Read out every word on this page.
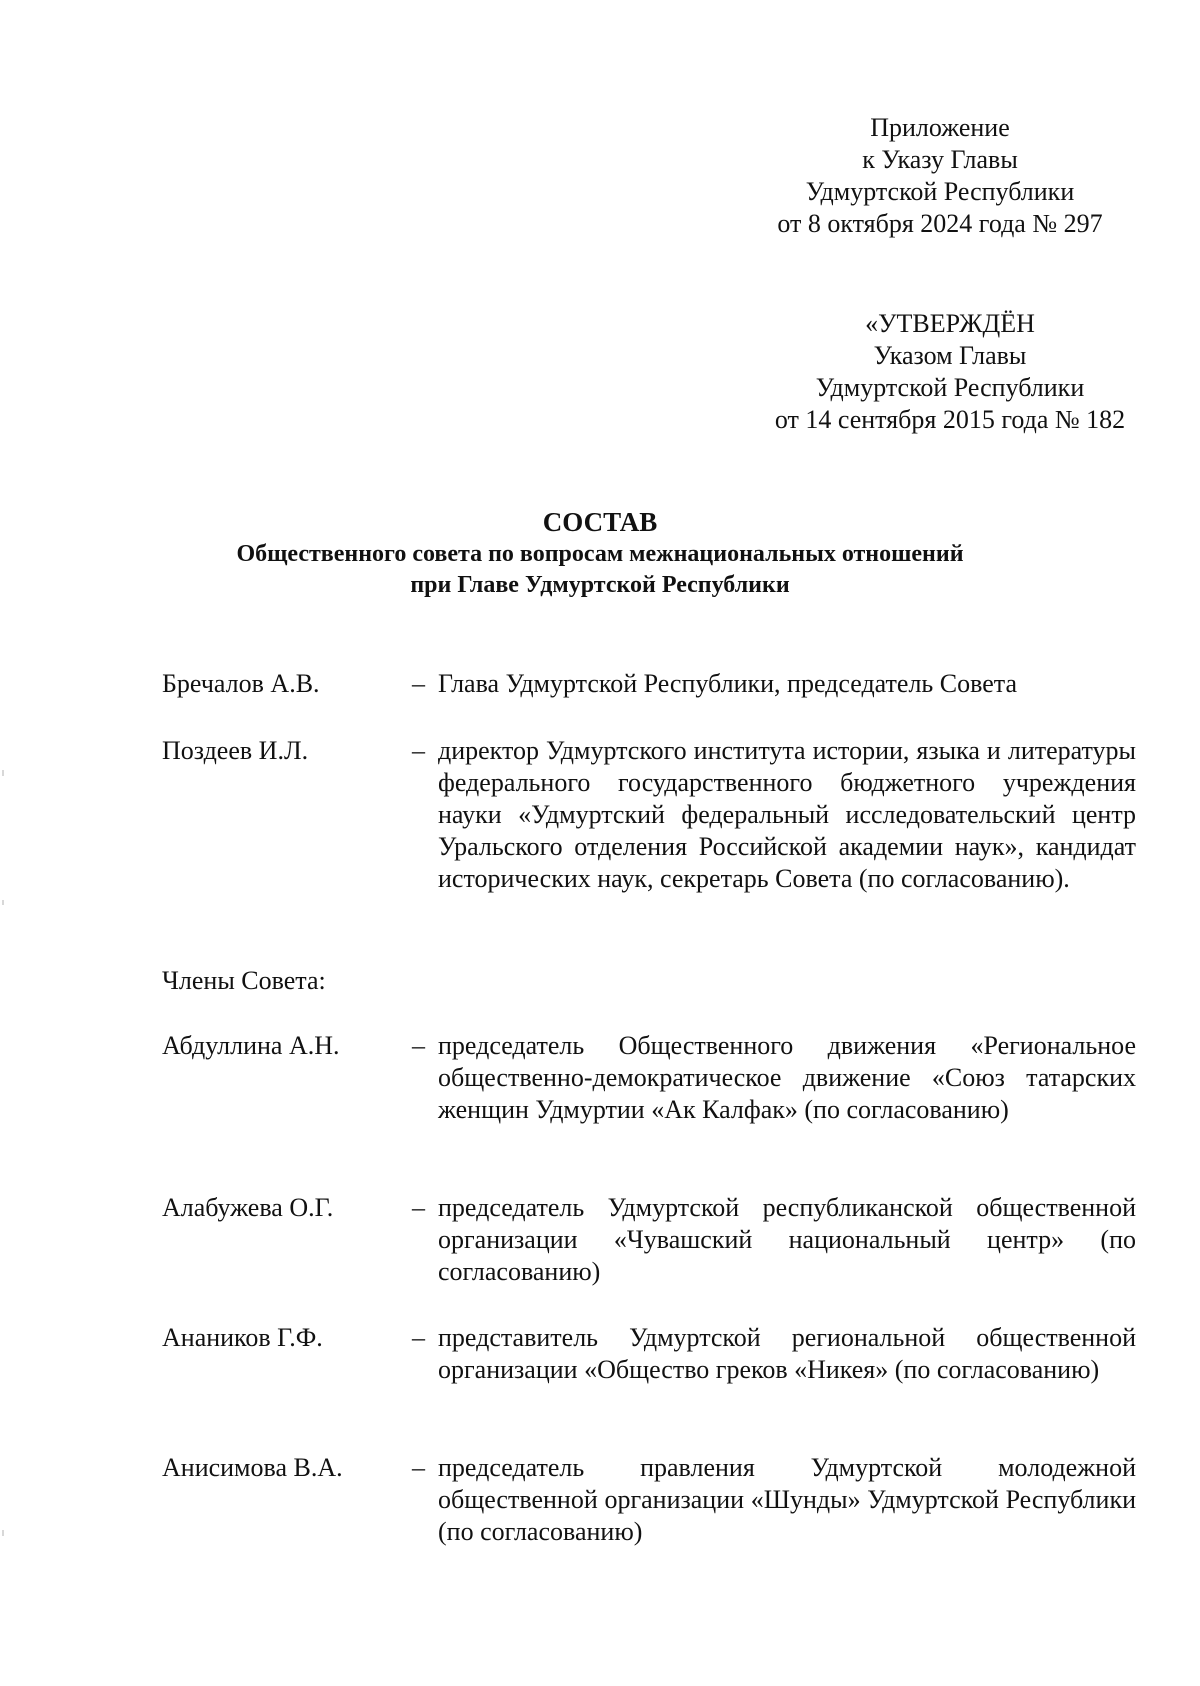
Приложение
к Указу Главы
Удмуртской Республики
от 8 октября 2024 года № 297
«УТВЕРЖДЁН
Указом Главы
Удмуртской Республики
от 14 сентября 2015 года № 182
СОСТАВ
Общественного совета по вопросам межнациональных отношений
при Главе Удмуртской Республики
Бречалов А.В.	– Глава Удмуртской Республики, председатель Совета
Поздеев И.Л.	– директор Удмуртского института истории, языка и литературы федерального государственного бюджетного учреждения науки «Удмуртский федеральный исследовательский центр Уральского отделения Российской академии наук», кандидат исторических наук, секретарь Совета (по согласованию).
Члены Совета:
Абдуллина А.Н.	– председатель Общественного движения «Региональное общественно-демократическое движение «Союз татарских женщин Удмуртии «Ак Калфак» (по согласованию)
Алабужева О.Г.	– председатель Удмуртской республиканской общественной организации «Чувашский национальный центр» (по согласованию)
Анаников Г.Ф.	– представитель Удмуртской региональной общественной организации «Общество греков «Никея» (по согласованию)
Анисимова В.А.	– председатель правления Удмуртской молодежной общественной организации «Шунды» Удмуртской Республики (по согласованию)
